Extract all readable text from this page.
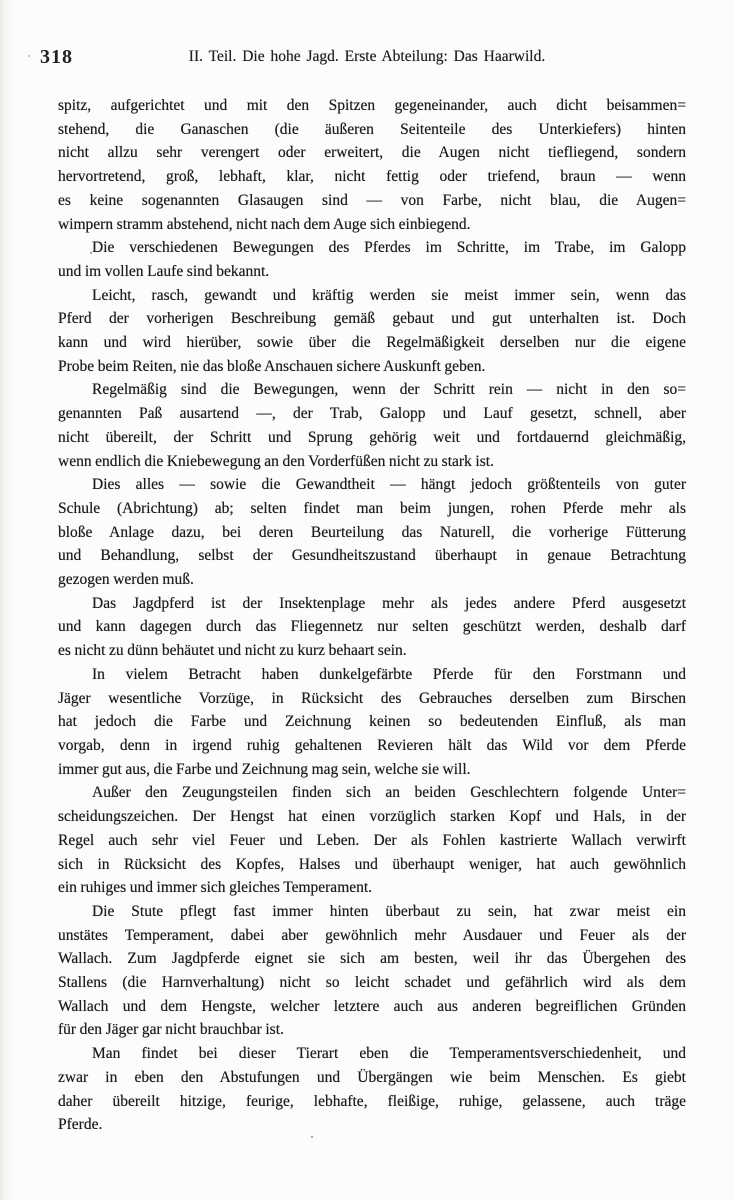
318	II. Teil. Die hohe Jagd. Erste Abteilung: Das Haarwild.
spitz, aufgerichtet und mit den Spitzen gegeneinander, auch dicht beisammen=
stehend, die Ganaschen (die äußeren Seitenteile des Unterkiefers) hinten
nicht allzu sehr verengert oder erweitert, die Augen nicht tiefliegend, sondern
hervortretend, groß, lebhaft, klar, nicht fettig oder triefend, braun — wenn
es keine sogenannten Glasaugen sind — von Farbe, nicht blau, die Augen=
wimpern stramm abstehend, nicht nach dem Auge sich einbiegend.
Die verschiedenen Bewegungen des Pferdes im Schritte, im Trabe, im Galopp
und im vollen Laufe sind bekannt.
Leicht, rasch, gewandt und kräftig werden sie meist immer sein, wenn das
Pferd der vorherigen Beschreibung gemäß gebaut und gut unterhalten ist. Doch
kann und wird hierüber, sowie über die Regelmäßigkeit derselben nur die eigene
Probe beim Reiten, nie das bloße Anschauen sichere Auskunft geben.
Regelmäßig sind die Bewegungen, wenn der Schritt rein — nicht in den so=
genannten Paß ausartend —, der Trab, Galopp und Lauf gesetzt, schnell, aber
nicht übereilt, der Schritt und Sprung gehörig weit und fortdauernd gleichmäßig,
wenn endlich die Kniebewegung an den Vorderfüßen nicht zu stark ist.
Dies alles — sowie die Gewandtheit — hängt jedoch größtenteils von guter
Schule (Abrichtung) ab; selten findet man beim jungen, rohen Pferde mehr als
bloße Anlage dazu, bei deren Beurteilung das Naturell, die vorherige Fütterung
und Behandlung, selbst der Gesundheitszustand überhaupt in genaue Betrachtung
gezogen werden muß.
Das Jagdpferd ist der Insektenplage mehr als jedes andere Pferd ausgesetzt
und kann dagegen durch das Fliegennetz nur selten geschützt werden, deshalb darf
es nicht zu dünn behäutet und nicht zu kurz behaart sein.
In vielem Betracht haben dunkelgefärbte Pferde für den Forstmann und
Jäger wesentliche Vorzüge, in Rücksicht des Gebrauches derselben zum Birschen
hat jedoch die Farbe und Zeichnung keinen so bedeutenden Einfluß, als man
vorgab, denn in irgend ruhig gehaltenen Revieren hält das Wild vor dem Pferde
immer gut aus, die Farbe und Zeichnung mag sein, welche sie will.
Außer den Zeugungsteilen finden sich an beiden Geschlechtern folgende Unter=
scheidungszeichen. Der Hengst hat einen vorzüglich starken Kopf und Hals, in der
Regel auch sehr viel Feuer und Leben. Der als Fohlen kastrierte Wallach verwirft
sich in Rücksicht des Kopfes, Halses und überhaupt weniger, hat auch gewöhnlich
ein ruhiges und immer sich gleiches Temperament.
Die Stute pflegt fast immer hinten überbaut zu sein, hat zwar meist ein
unstätes Temperament, dabei aber gewöhnlich mehr Ausdauer und Feuer als der
Wallach. Zum Jagdpferde eignet sie sich am besten, weil ihr das Übergehen des
Stallens (die Harnverhaltung) nicht so leicht schadet und gefährlich wird als dem
Wallach und dem Hengste, welcher letztere auch aus anderen begreiflichen Gründen
für den Jäger gar nicht brauchbar ist.
Man findet bei dieser Tierart eben die Temperamentsverschiedenheit, und
zwar in eben den Abstufungen und Übergängen wie beim Menschen. Es giebt
daher übereilt hitzige, feurige, lebhafte, fleißige, ruhige, gelassene, auch träge
Pferde.
